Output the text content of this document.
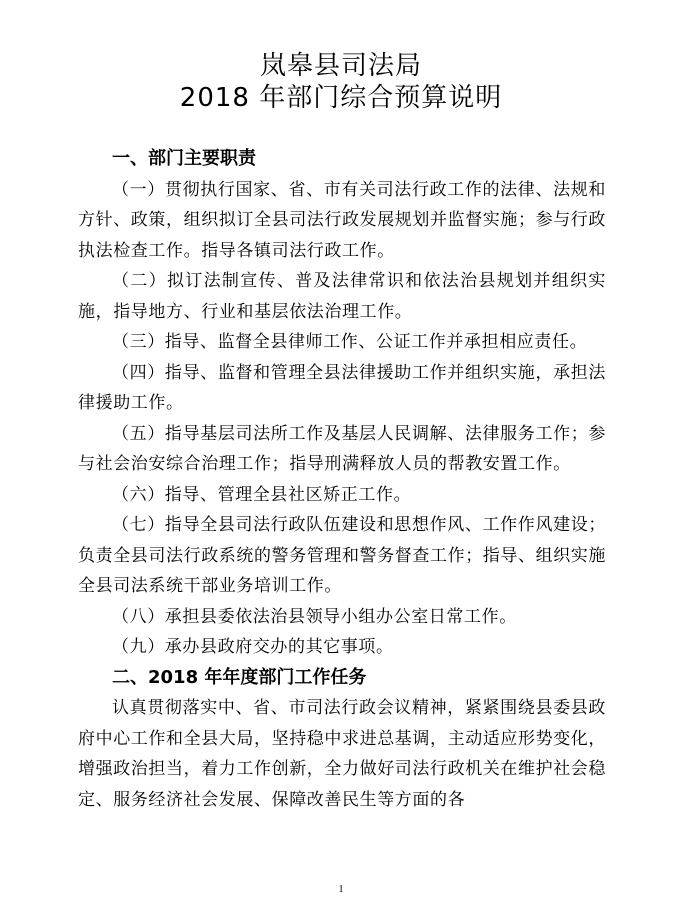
岚皋县司法局
2018 年部门综合预算说明
一、部门主要职责
（一）贯彻执行国家、省、市有关司法行政工作的法律、法规和方针、政策，组织拟订全县司法行政发展规划并监督实施；参与行政执法检查工作。指导各镇司法行政工作。
（二）拟订法制宣传、普及法律常识和依法治县规划并组织实施，指导地方、行业和基层依法治理工作。
（三）指导、监督全县律师工作、公证工作并承担相应责任。
（四）指导、监督和管理全县法律援助工作并组织实施，承担法律援助工作。
（五）指导基层司法所工作及基层人民调解、法律服务工作；参与社会治安综合治理工作；指导刑满释放人员的帮教安置工作。
（六）指导、管理全县社区矫正工作。
（七）指导全县司法行政队伍建设和思想作风、工作作风建设；负责全县司法行政系统的警务管理和警务督查工作；指导、组织实施全县司法系统干部业务培训工作。
（八）承担县委依法治县领导小组办公室日常工作。
（九）承办县政府交办的其它事项。
二、2018 年年度部门工作任务
认真贯彻落实中、省、市司法行政会议精神，紧紧围绕县委县政府中心工作和全县大局，坚持稳中求进总基调，主动适应形势变化，增强政治担当，着力工作创新，全力做好司法行政机关在维护社会稳定、服务经济社会发展、保障改善民生等方面的各
1
